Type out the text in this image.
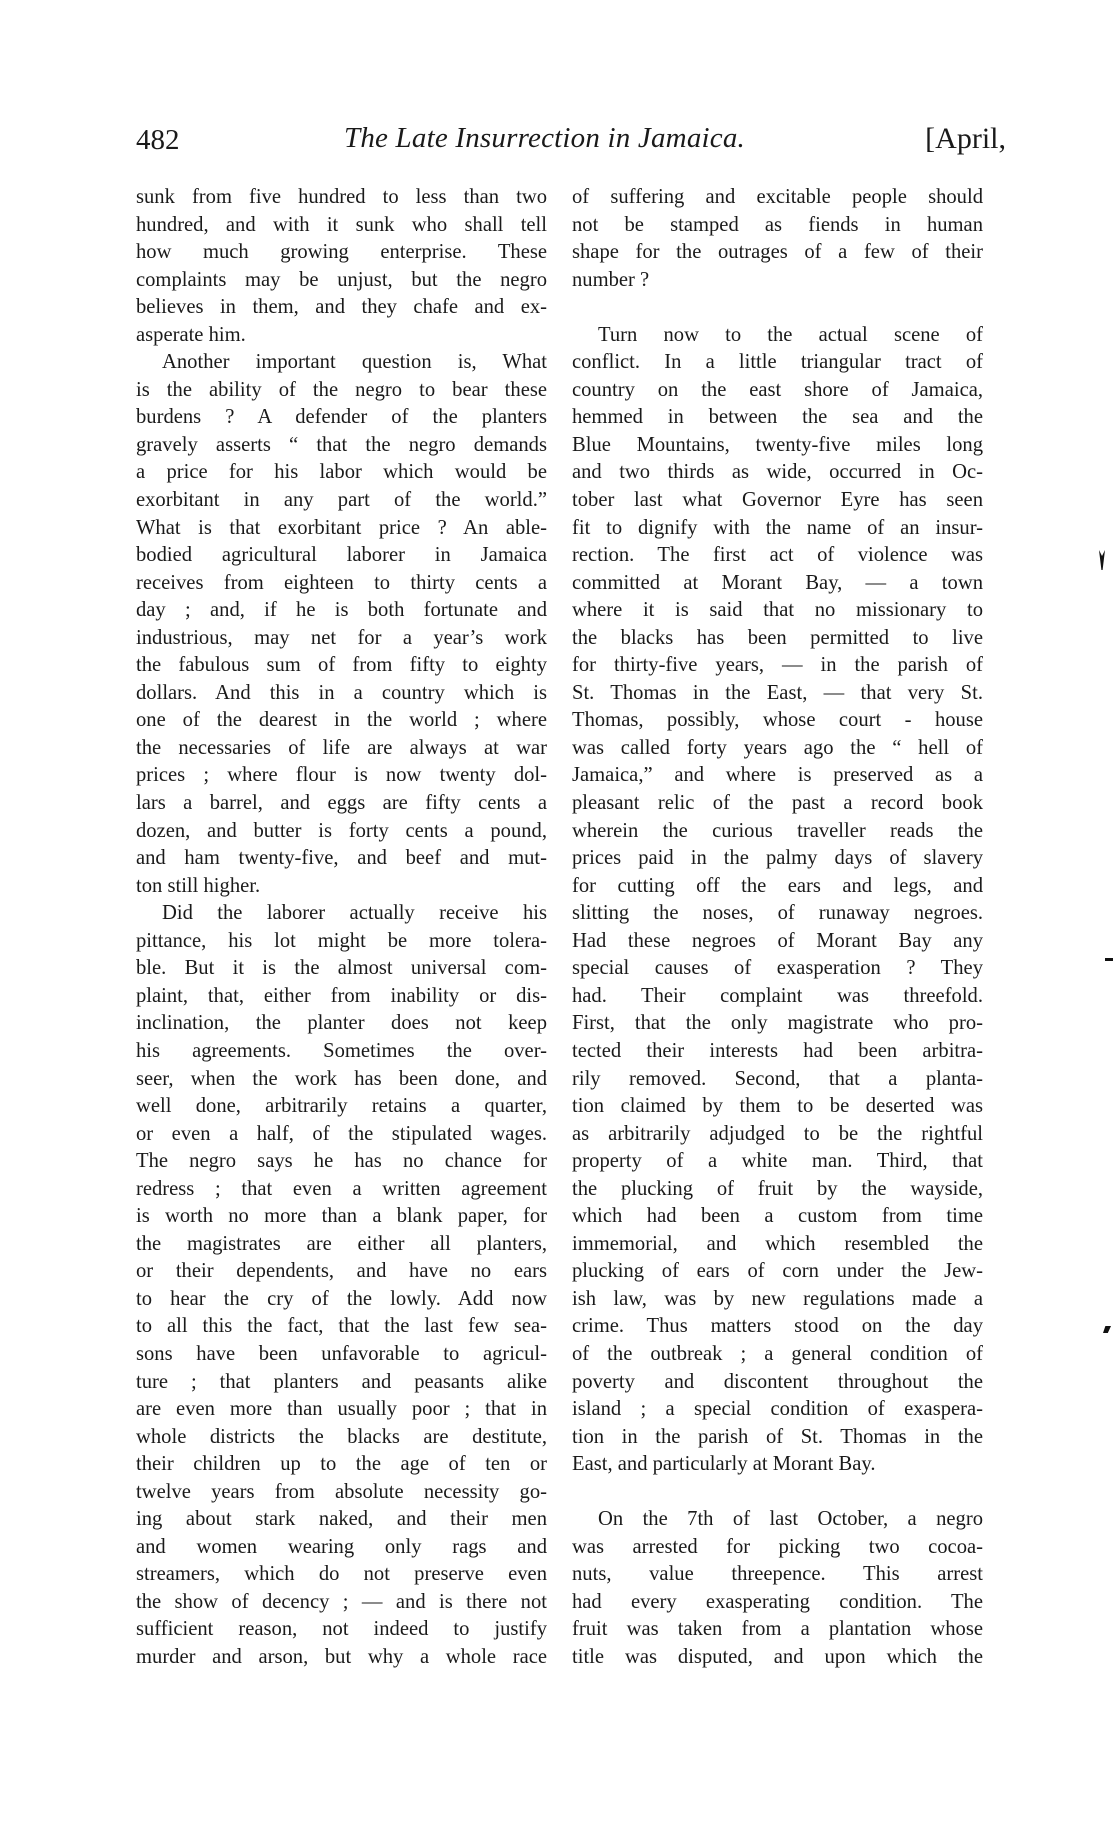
482	The Late Insurrection in Jamaica.	[April,
sunk from five hundred to less than two
hundred, and with it sunk who shall tell
how much growing enterprise. These
complaints may be unjust, but the negro
believes in them, and they chafe and ex-
asperate him.
Another important question is, What
is the ability of the negro to bear these
burdens ? A defender of the planters
gravely asserts “ that the negro demands
a price for his labor which would be
exorbitant in any part of the world.”
What is that exorbitant price ? An able-
bodied agricultural laborer in Jamaica
receives from eighteen to thirty cents a
day ; and, if he is both fortunate and
industrious, may net for a year’s work
the fabulous sum of from fifty to eighty
dollars. And this in a country which is
one of the dearest in the world ; where
the necessaries of life are always at war
prices ; where flour is now twenty dol-
lars a barrel, and eggs are fifty cents a
dozen, and butter is forty cents a pound,
and ham twenty-five, and beef and mut-
ton still higher.
Did the laborer actually receive his
pittance, his lot might be more tolera-
ble. But it is the almost universal com-
plaint, that, either from inability or dis-
inclination, the planter does not keep
his agreements. Sometimes the over-
seer, when the work has been done, and
well done, arbitrarily retains a quarter,
or even a half, of the stipulated wages.
The negro says he has no chance for
redress ; that even a written agreement
is worth no more than a blank paper, for
the magistrates are either all planters,
or their dependents, and have no ears
to hear the cry of the lowly. Add now
to all this the fact, that the last few sea-
sons have been unfavorable to agricul-
ture ; that planters and peasants alike
are even more than usually poor ; that in
whole districts the blacks are destitute,
their children up to the age of ten or
twelve years from absolute necessity go-
ing about stark naked, and their men
and women wearing only rags and
streamers, which do not preserve even
the show of decency ; — and is there not
sufficient reason, not indeed to justify
murder and arson, but why a whole race
of suffering and excitable people should
not be stamped as fiends in human
shape for the outrages of a few of their
number ?
Turn now to the actual scene of
conflict. In a little triangular tract of
country on the east shore of Jamaica,
hemmed in between the sea and the
Blue Mountains, twenty-five miles long
and two thirds as wide, occurred in Oc-
tober last what Governor Eyre has seen
fit to dignify with the name of an insur-
rection. The first act of violence was
committed at Morant Bay, — a town
where it is said that no missionary to
the blacks has been permitted to live
for thirty-five years, — in the parish of
St. Thomas in the East, — that very St.
Thomas, possibly, whose court - house
was called forty years ago the “ hell of
Jamaica,” and where is preserved as a
pleasant relic of the past a record book
wherein the curious traveller reads the
prices paid in the palmy days of slavery
for cutting off the ears and legs, and
slitting the noses, of runaway negroes.
Had these negroes of Morant Bay any
special causes of exasperation ? They
had. Their complaint was threefold.
First, that the only magistrate who pro-
tected their interests had been arbitra-
rily removed. Second, that a planta-
tion claimed by them to be deserted was
as arbitrarily adjudged to be the rightful
property of a white man. Third, that
the plucking of fruit by the wayside,
which had been a custom from time
immemorial, and which resembled the
plucking of ears of corn under the Jew-
ish law, was by new regulations made a
crime. Thus matters stood on the day
of the outbreak ; a general condition of
poverty and discontent throughout the
island ; a special condition of exaspera-
tion in the parish of St. Thomas in the
East, and particularly at Morant Bay.
On the 7th of last October, a negro
was arrested for picking two cocoa-
nuts, value threepence. This arrest
had every exasperating condition. The
fruit was taken from a plantation whose
title was disputed, and upon which the
